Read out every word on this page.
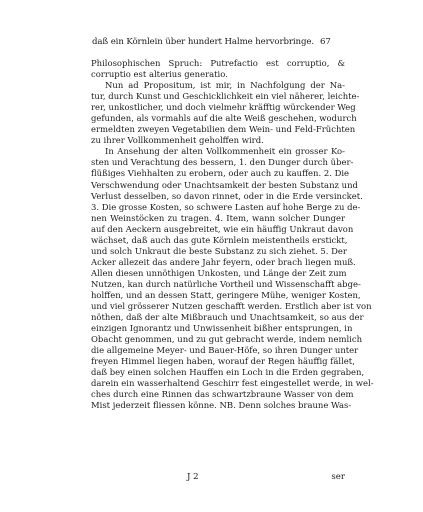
daß ein Körnlein über hundert Halme hervorbringe. 67
Philosophischen Spruch: Putrefactio est corruptio, &
corruptio est alterius generatio.
Nun ad Propositum, ist mir, in Nachfolgung der Na-
tur, durch Kunst und Geschicklichkeit ein viel näherer, leichte-
rer, unkostlicher, und doch vielmehr kräfftig würckender Weg
gefunden, als vormahls auf die alte Weiß geschehen, wodurch
ermeldten zweyen Vegetabilien dem Wein- und Feld-Früchten
zu ihrer Vollkommenheit geholffen wird.
In Ansehung der alten Vollkommenheit ein grosser Ko-
sten und Verachtung des bessern, 1. den Dunger durch über-
flüßiges Viehhalten zu erobern, oder auch zu kauffen. 2. Die
Verschwendung oder Unachtsamkeit der besten Substanz und
Verlust desselben, so davon rinnet, oder in die Erde versincket.
3. Die grosse Kosten, so schwere Lasten auf hohe Berge zu de-
nen Weinstöcken zu tragen. 4. Item, wann solcher Dunger
auf den Aeckern ausgebreitet, wie ein häuffig Unkraut davon
wächset, daß auch das gute Körnlein meistentheils erstickt,
und solch Unkraut die beste Substanz zu sich ziehet. 5. Der
Acker allezeit das andere Jahr feyern, oder brach liegen muß.
Allen diesen unnöthigen Unkosten, und Länge der Zeit zum
Nutzen, kan durch natürliche Vortheil und Wissenschafft abge-
holffen, und an dessen Statt, geringere Mühe, weniger Kosten,
und viel grösserer Nutzen geschafft werden. Erstlich aber ist von
nöthen, daß der alte Mißbrauch und Unachtsamkeit, so aus der
einzigen Ignorantz und Unwissenheit bißher entsprungen, in
Obacht genommen, und zu gut gebracht werde, indem nemlich
die allgemeine Meyer- und Bauer-Höfe, so ihren Dunger unter
freyen Himmel liegen haben, worauf der Regen häuffig fället,
daß bey einen solchen Hauffen ein Loch in die Erden gegraben,
darein ein wasserhaltend Geschirr fest eingestellet werde, in wel-
ches durch eine Rinnen das schwartzbraune Wasser von dem
Mist jederzeit fliessen könne. NB. Denn solches braune Was-
J 2	ser
